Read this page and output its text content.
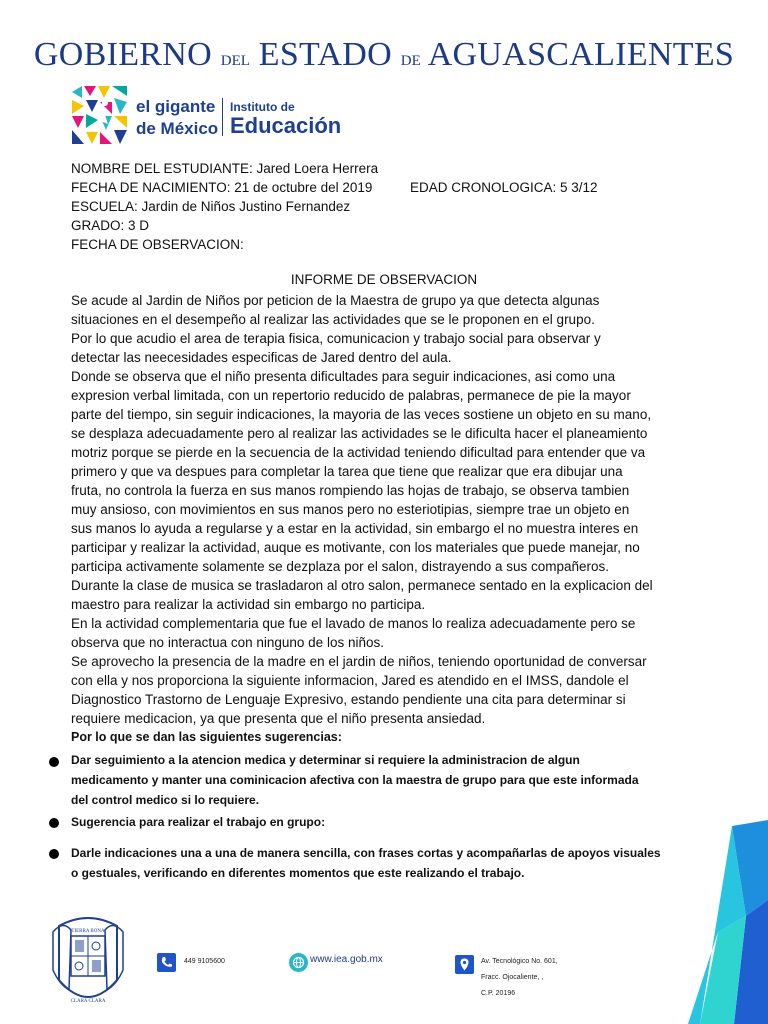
GOBIERNO DEL ESTADO DE AGUASCALIENTES
el gigante
de México
Instituto de
Educación
NOMBRE DEL ESTUDIANTE: Jared Loera Herrera
FECHA DE NACIMIENTO: 21 de octubre del 2019	EDAD CRONOLOGICA: 5 3/12
ESCUELA: Jardin de Niños Justino Fernandez
GRADO: 3 D
FECHA DE OBSERVACION:
INFORME DE OBSERVACION
Se acude al Jardin de Niños por peticion de la Maestra de grupo ya que detecta algunas
situaciones en el desempeño al realizar las actividades que se le proponen en el grupo.
Por lo que acudio el area de terapia fisica, comunicacion y trabajo social para observar y
detectar las neecesidades especificas de Jared dentro del aula.
Donde se observa que el niño presenta dificultades para seguir indicaciones, asi como una
expresion verbal limitada, con un repertorio reducido de palabras, permanece de pie la mayor
parte del tiempo, sin seguir indicaciones, la mayoria de las veces sostiene un objeto en su mano,
se desplaza adecuadamente pero al realizar las actividades se le dificulta hacer el planeamiento
motriz porque se pierde en la secuencia de la actividad teniendo dificultad para entender que va
primero y que va despues para completar la tarea que tiene que realizar que era dibujar una
fruta, no controla la fuerza en sus manos rompiendo las hojas de trabajo, se observa tambien
muy ansioso, con movimientos en sus manos pero no esteriotipias, siempre trae un objeto en
sus manos lo ayuda a regularse y a estar en la actividad, sin embargo el no muestra interes en
participar y realizar la actividad, auque es motivante, con los materiales que puede manejar, no
participa activamente solamente se dezplaza por el salon, distrayendo a sus compañeros.
Durante la clase de musica se trasladaron al otro salon, permanece sentado en la explicacion del
maestro para realizar la actividad sin embargo no participa.
En la actividad complementaria que fue el lavado de manos lo realiza adecuadamente pero se
observa que no interactua con ninguno de los niños.
Se aprovecho la presencia de la madre en el jardin de niños, teniendo oportunidad de conversar
con ella y nos proporciona la siguiente informacion, Jared es atendido en el IMSS, dandole el
Diagnostico Trastorno de Lenguaje Expresivo, estando pendiente una cita para determinar si
requiere medicacion, ya que presenta que el niño presenta ansiedad.
Por lo que se dan las siguientes sugerencias:
Dar seguimiento a la atencion medica y determinar si requiere la administracion de algun
medicamento y manter una cominicacion afectiva con la maestra de grupo para que este informada
del control medico si lo requiere.
Sugerencia para realizar el trabajo en grupo:
Darle indicaciones una a una de manera sencilla, con frases cortas y acompañarlas de apoyos visuales
o gestuales, verificando en diferentes momentos que este realizando el trabajo.
TIERRA BONA
CLARA CLARA
449 9105600	www.iea.gob.mx	Av. Tecnológico No. 601,
Fracc. Ojocaliente, ,
C.P. 20196
